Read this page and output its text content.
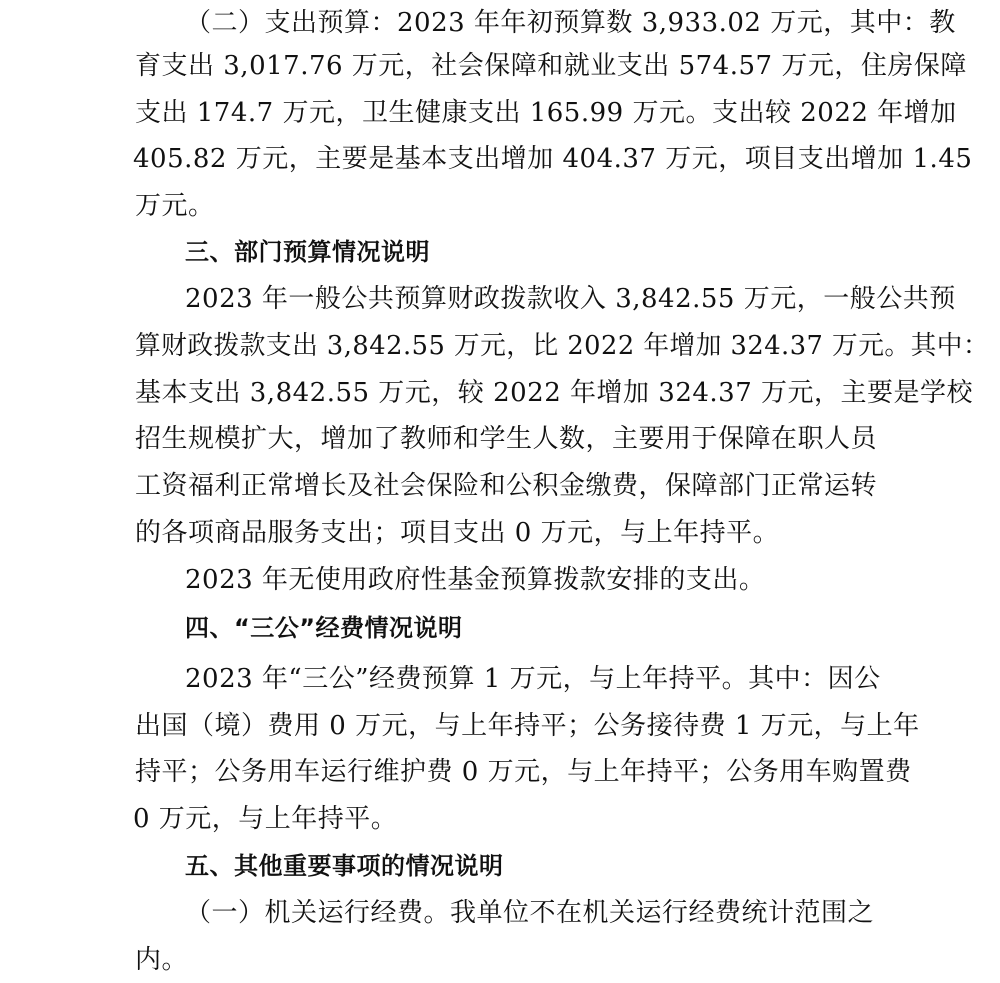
（二）支出预算：2023 年年初预算数 3,933.02 万元，其中：教
育支出 3,017.76 万元，社会保障和就业支出 574.57 万元，住房保障
支出 174.7 万元，卫生健康支出 165.99 万元。支出较 2022 年增加
405.82 万元，主要是基本支出增加 404.37 万元，项目支出增加 1.45
万元。
三、部门预算情况说明
2023 年一般公共预算财政拨款收入 3,842.55 万元，一般公共预
算财政拨款支出 3,842.55 万元，比 2022 年增加 324.37 万元。其中：
基本支出 3,842.55 万元，较 2022 年增加 324.37 万元，主要是学校
招生规模扩大，增加了教师和学生人数，主要用于保障在职人员
工资福利正常增长及社会保险和公积金缴费，保障部门正常运转
的各项商品服务支出；项目支出 0 万元，与上年持平。
2023 年无使用政府性基金预算拨款安排的支出。
四、“三公”经费情况说明
2023 年“三公”经费预算 1 万元，与上年持平。其中：因公
出国（境）费用 0 万元，与上年持平；公务接待费 1 万元，与上年
持平；公务用车运行维护费 0 万元，与上年持平；公务用车购置费
0 万元，与上年持平。
五、其他重要事项的情况说明
（一）机关运行经费。我单位不在机关运行经费统计范围之
内。
